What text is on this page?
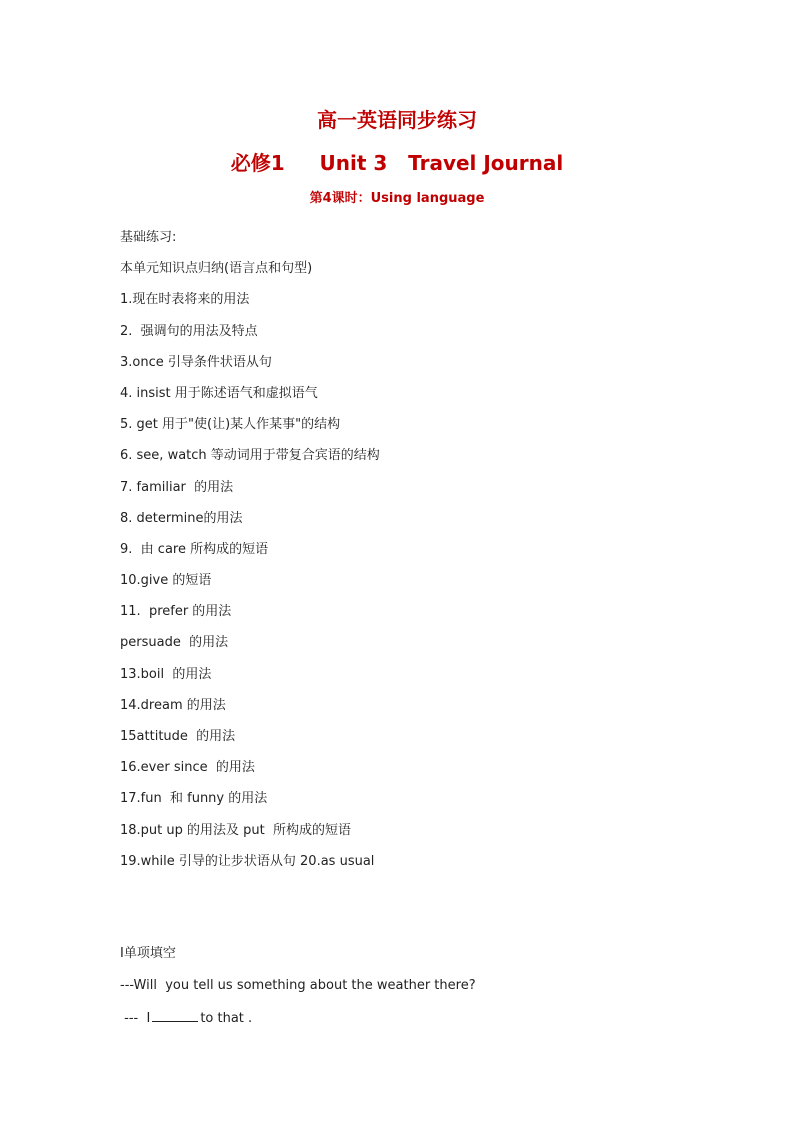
高一英语同步练习
必修1     Unit 3   Travel Journal
第4课时：Using language
基础练习:
本单元知识点归纳(语言点和句型)
1.现在时表将来的用法
2.  强调句的用法及特点
3.once 引导条件状语从句
4. insist 用于陈述语气和虚拟语气
5. get 用于"使(让)某人作某事"的结构
6. see, watch 等动词用于带复合宾语的结构
7. familiar  的用法
8. determine的用法
9.  由 care 所构成的短语
10.give 的短语
11.  prefer 的用法
persuade  的用法
13.boil  的用法
14.dream 的用法
15attitude  的用法
16.ever since  的用法
17.fun  和 funny 的用法
18.put up 的用法及 put  所构成的短语
19.while 引导的让步状语从句 20.as usual
Ⅰ单项填空
---Will  you tell us something about the weather there?
---  I	to that .
